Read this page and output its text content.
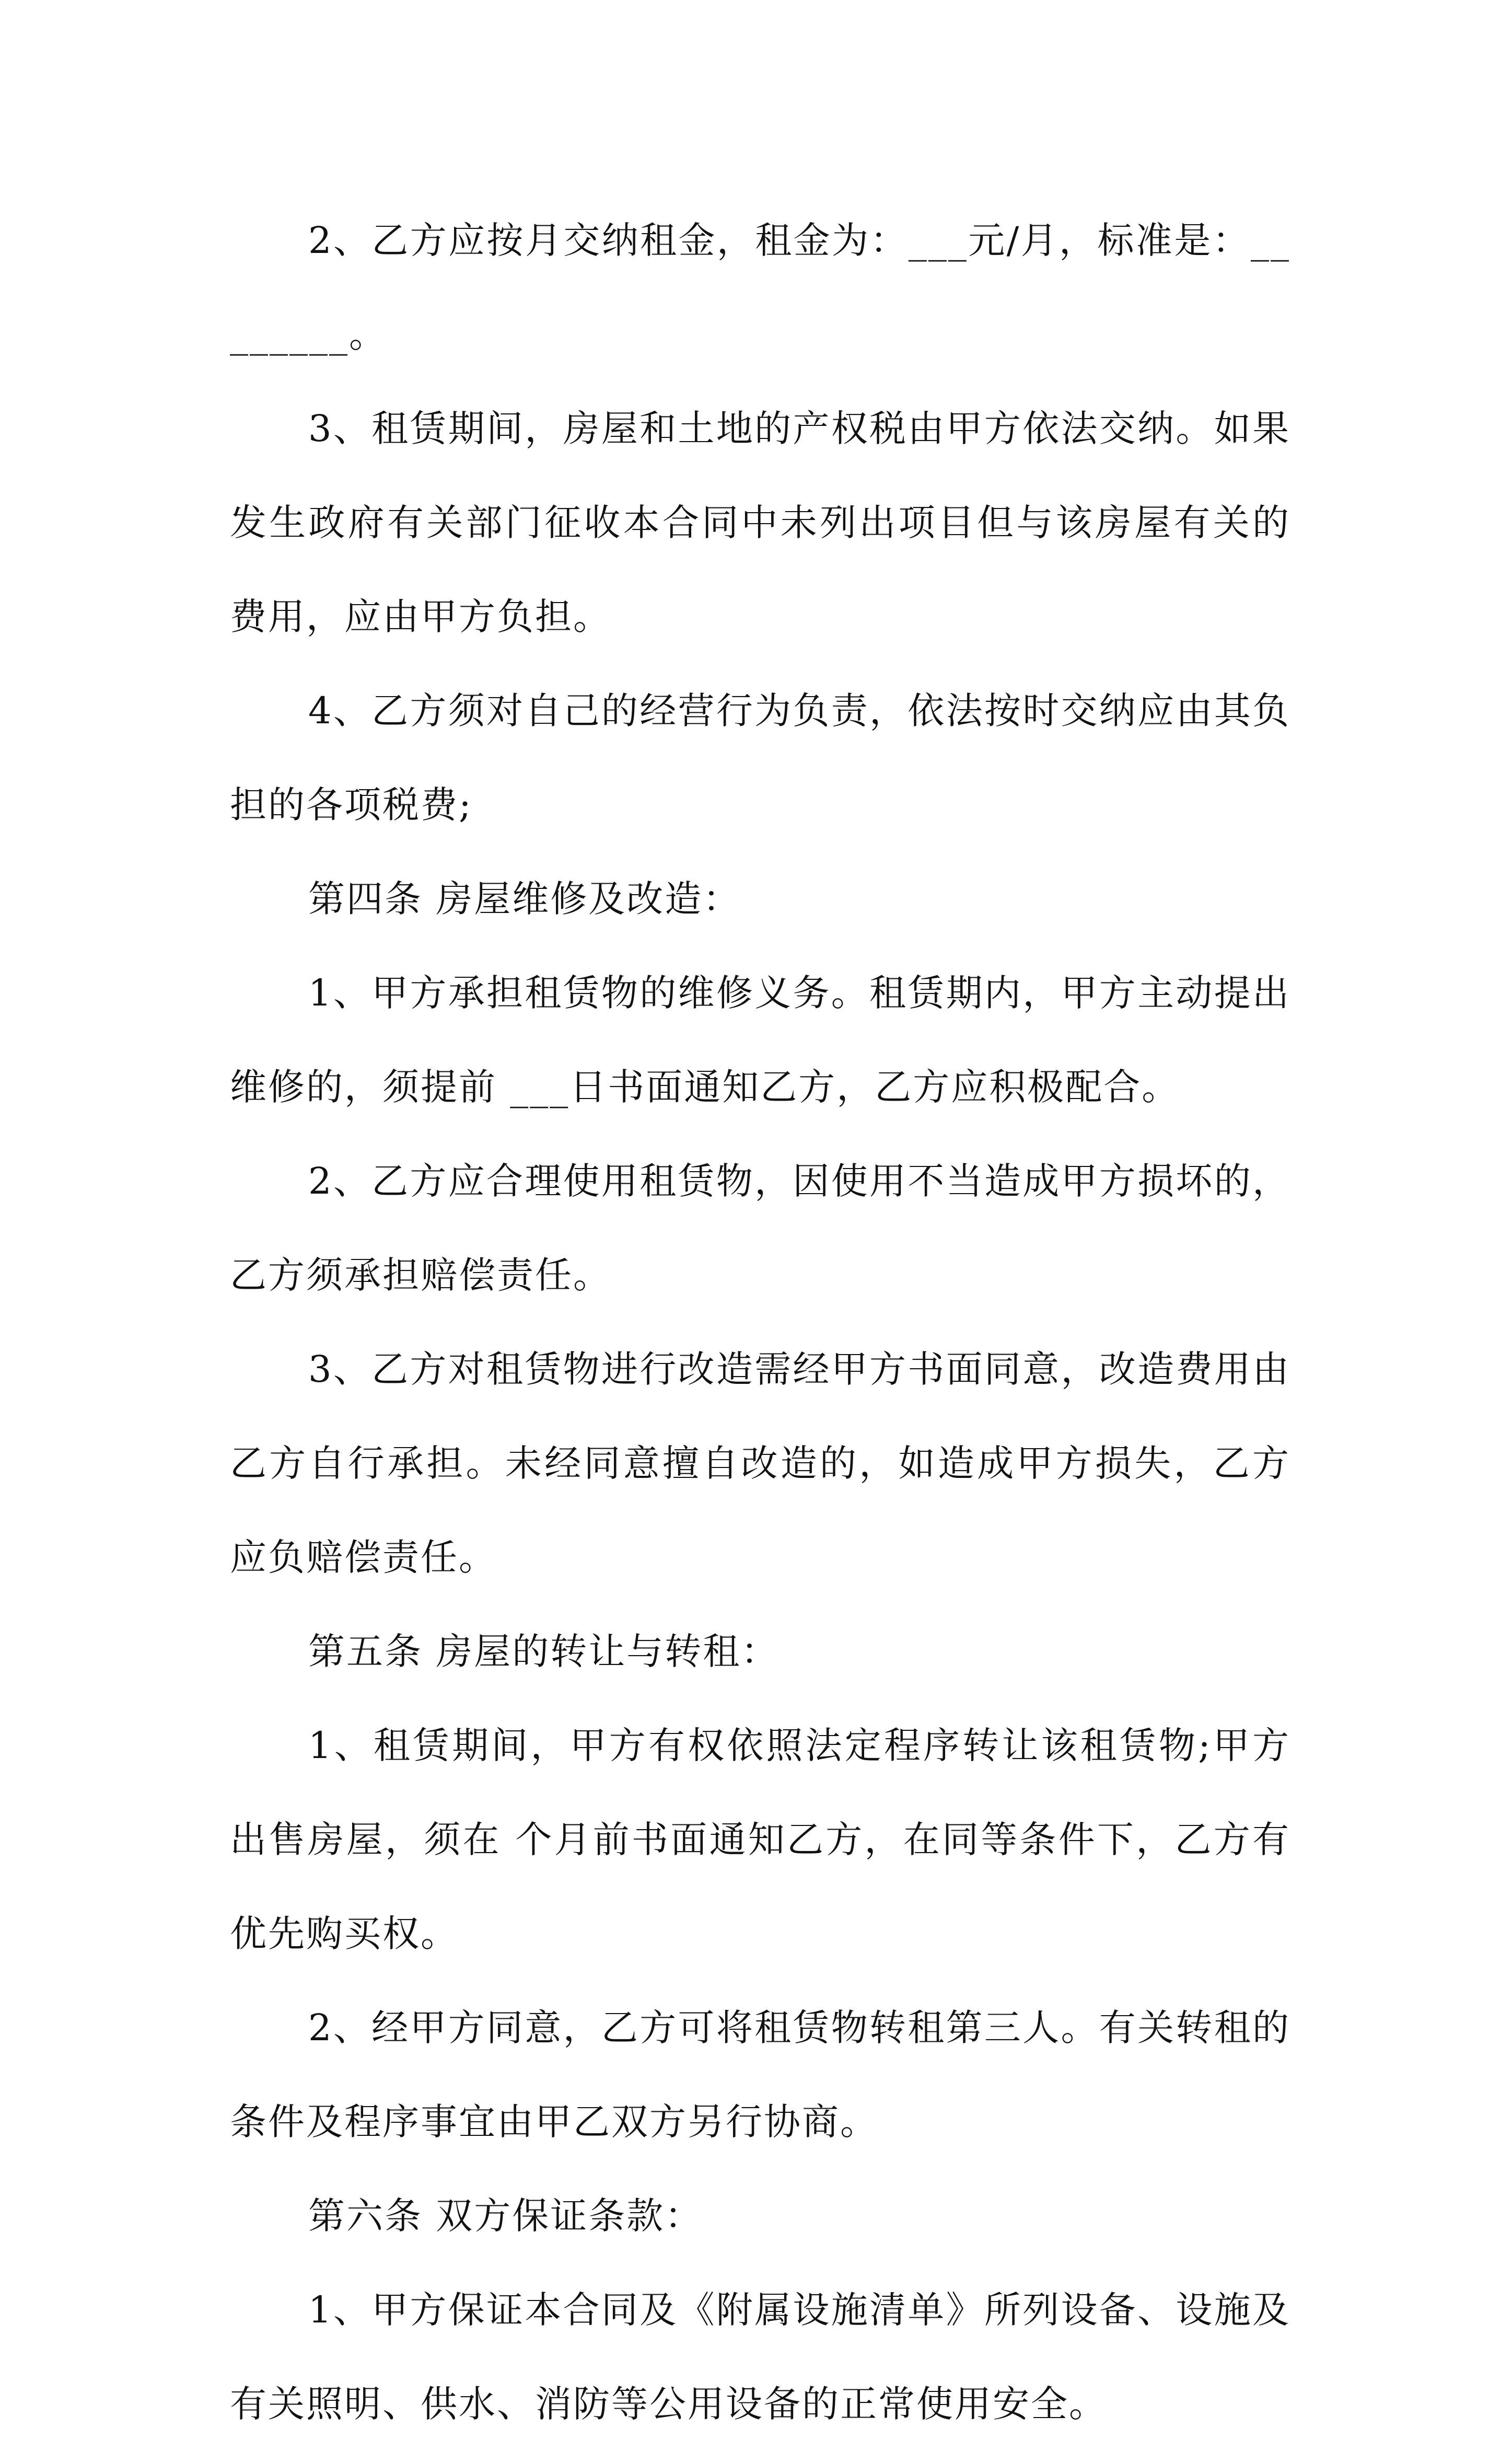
2、乙方应按月交纳租金，租金为：___元/月，标准是：________。

3、租赁期间，房屋和土地的产权税由甲方依法交纳。如果发生政府有关部门征收本合同中未列出项目但与该房屋有关的费用，应由甲方负担。

4、乙方须对自己的经营行为负责，依法按时交纳应由其负担的各项税费;

第四条 房屋维修及改造：

1、甲方承担租赁物的维修义务。租赁期内，甲方主动提出维修的，须提前 ___日书面通知乙方，乙方应积极配合。

2、乙方应合理使用租赁物，因使用不当造成甲方损坏的，乙方须承担赔偿责任。

3、乙方对租赁物进行改造需经甲方书面同意，改造费用由乙方自行承担。未经同意擅自改造的，如造成甲方损失，乙方应负赔偿责任。

第五条 房屋的转让与转租：

1、租赁期间，甲方有权依照法定程序转让该租赁物;甲方出售房屋，须在 个月前书面通知乙方，在同等条件下，乙方有优先购买权。

2、经甲方同意，乙方可将租赁物转租第三人。有关转租的条件及程序事宜由甲乙双方另行协商。

第六条 双方保证条款：

1、甲方保证本合同及《附属设施清单》所列设备、设施及有关照明、供水、消防等公用设备的正常使用安全。
